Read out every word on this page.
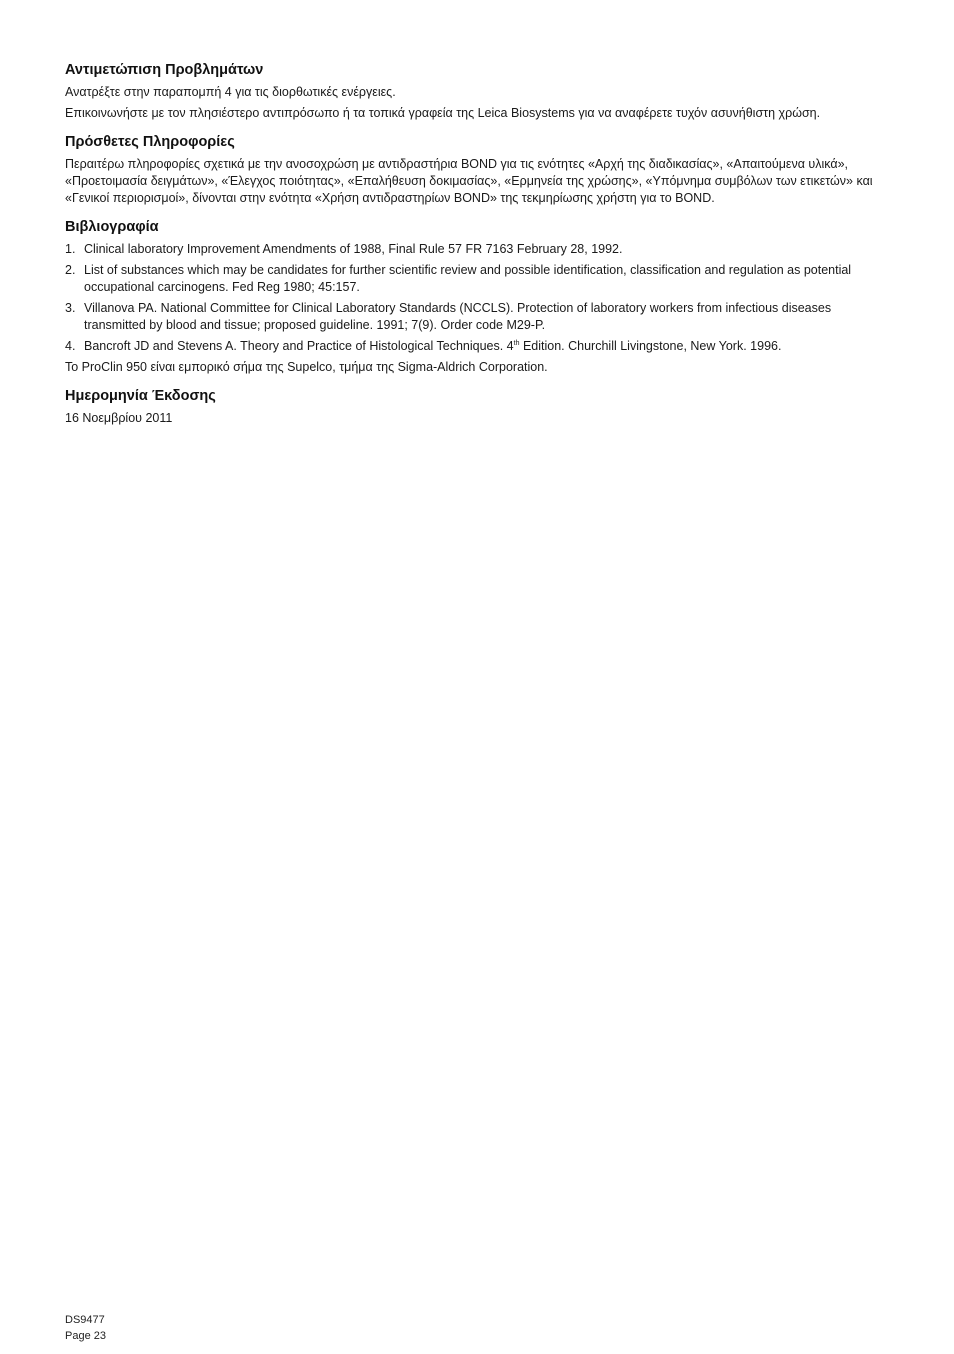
Αντιμετώπιση Προβλημάτων

Ανατρέξτε στην παραπομπή 4 για τις διορθωτικές ενέργειες.

Επικοινωνήστε με τον πλησιέστερο αντιπρόσωπο ή τα τοπικά γραφεία της Leica Biosystems για να αναφέρετε τυχόν ασυνήθιστη χρώση.

Πρόσθετες Πληροφορίες

Περαιτέρω πληροφορίες σχετικά με την ανοσοχρώση με αντιδραστήρια BOND για τις ενότητες «Αρχή της διαδικασίας», «Απαιτούμενα υλικά», «Προετοιμασία δειγμάτων», «Έλεγχος ποιότητας», «Επαλήθευση δοκιμασίας», «Ερμηνεία της χρώσης», «Υπόμνημα συμβόλων των ετικετών» και «Γενικοί περιορισμοί», δίνονται στην ενότητα «Χρήση αντιδραστηρίων BOND» της τεκμηρίωσης χρήστη για το BOND.

Βιβλιογραφία
1. Clinical laboratory Improvement Amendments of 1988, Final Rule 57 FR 7163 February 28, 1992.
2. List of substances which may be candidates for further scientific review and possible identification, classification and regulation as potential occupational carcinogens. Fed Reg 1980; 45:157.
3. Villanova PA. National Committee for Clinical Laboratory Standards (NCCLS). Protection of laboratory workers from infectious diseases transmitted by blood and tissue; proposed guideline. 1991; 7(9). Order code M29-P.
4. Bancroft JD and Stevens A. Theory and Practice of Histological Techniques. 4th Edition. Churchill Livingstone, New York. 1996.

Το ProClin 950 είναι εμπορικό σήμα της Supelco, τμήμα της Sigma-Aldrich Corporation.

Ημερομηνία Έκδοσης

16 Νοεμβρίου 2011

DS9477
Page 23
